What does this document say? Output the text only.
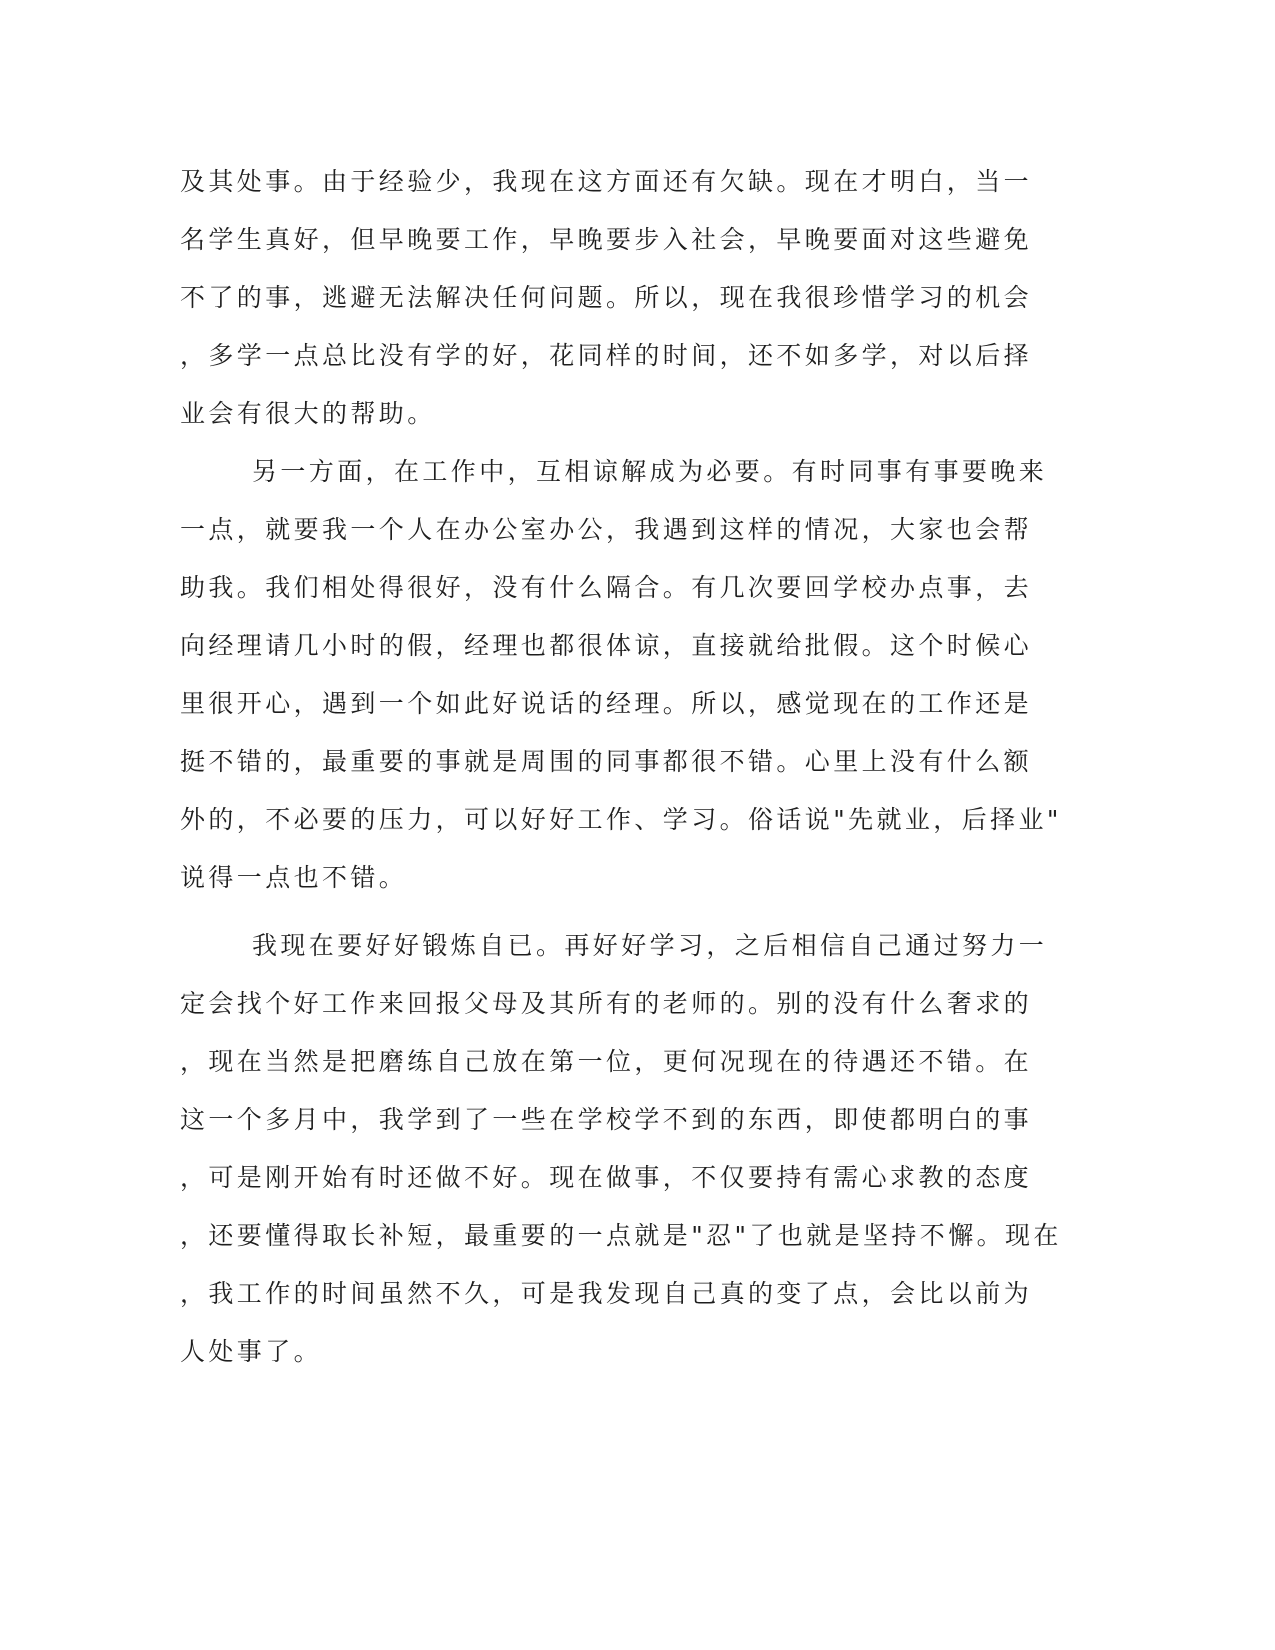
及其处事。由于经验少，我现在这方面还有欠缺。现在才明白，当一
名学生真好，但早晚要工作，早晚要步入社会，早晚要面对这些避免
不了的事，逃避无法解决任何问题。所以，现在我很珍惜学习的机会
，多学一点总比没有学的好，花同样的时间，还不如多学，对以后择
业会有很大的帮助。
另一方面，在工作中，互相谅解成为必要。有时同事有事要晚来
一点，就要我一个人在办公室办公，我遇到这样的情况，大家也会帮
助我。我们相处得很好，没有什么隔合。有几次要回学校办点事，去
向经理请几小时的假，经理也都很体谅，直接就给批假。这个时候心
里很开心，遇到一个如此好说话的经理。所以，感觉现在的工作还是
挺不错的，最重要的事就是周围的同事都很不错。心里上没有什么额
外的，不必要的压力，可以好好工作、学习。俗话说"先就业，后择业"
说得一点也不错。
我现在要好好锻炼自已。再好好学习，之后相信自己通过努力一
定会找个好工作来回报父母及其所有的老师的。别的没有什么奢求的
，现在当然是把磨练自己放在第一位，更何况现在的待遇还不错。在
这一个多月中，我学到了一些在学校学不到的东西，即使都明白的事
，可是刚开始有时还做不好。现在做事，不仅要持有需心求教的态度
，还要懂得取长补短，最重要的一点就是"忍"了也就是坚持不懈。现在
，我工作的时间虽然不久，可是我发现自己真的变了点，会比以前为
人处事了。
